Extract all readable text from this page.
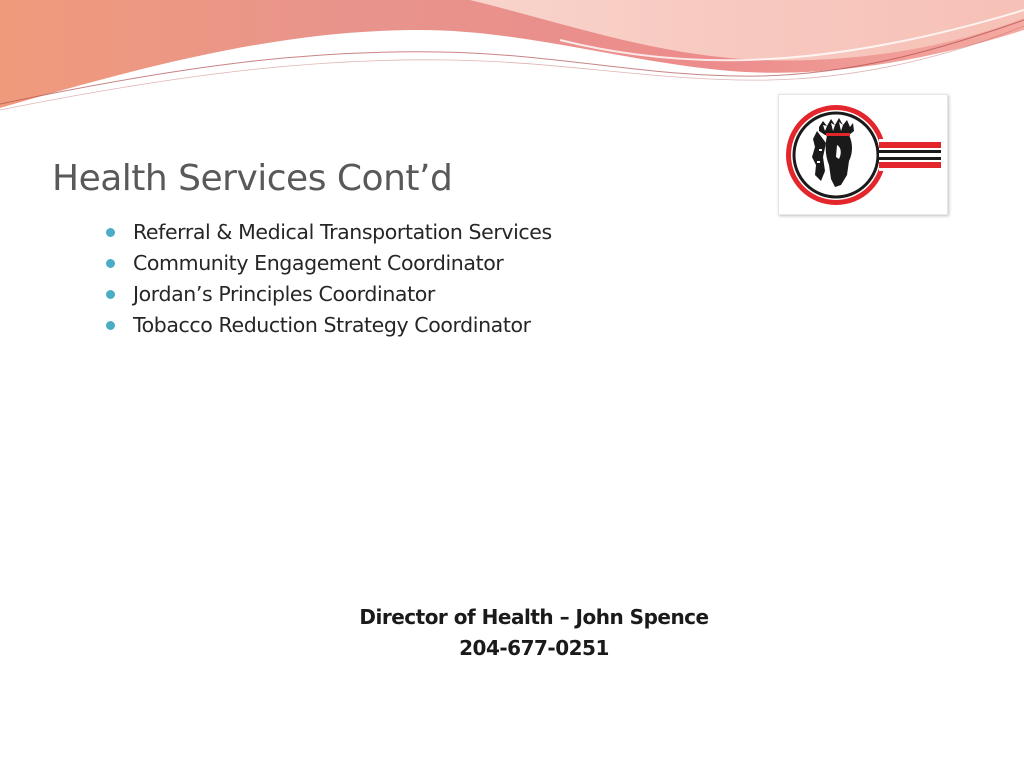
Health Services Cont’d
Referral & Medical Transportation Services
Community Engagement Coordinator
Jordan’s Principles Coordinator
Tobacco Reduction Strategy Coordinator
Director of Health – John Spence
204-677-0251
